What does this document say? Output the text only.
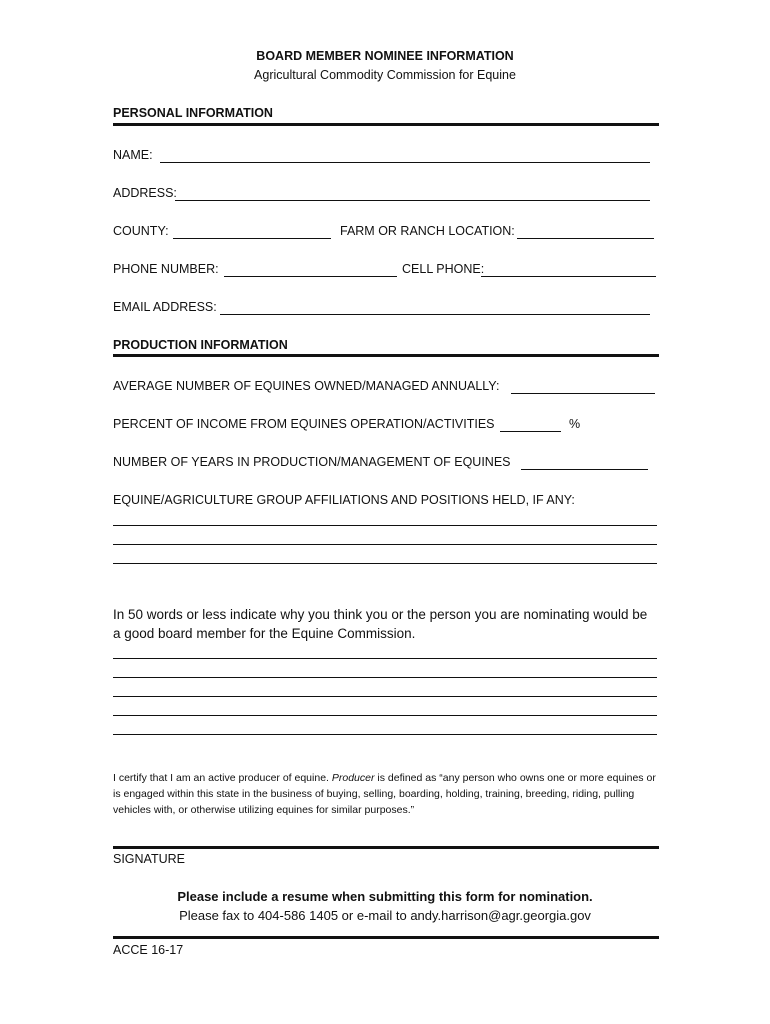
BOARD MEMBER NOMINEE INFORMATION
Agricultural Commodity Commission for Equine
PERSONAL INFORMATION
NAME:
ADDRESS:
COUNTY:	FARM OR RANCH LOCATION:
PHONE NUMBER:	CELL PHONE:
EMAIL ADDRESS:
PRODUCTION INFORMATION
AVERAGE NUMBER OF EQUINES OWNED/MANAGED ANNUALLY:
PERCENT OF INCOME FROM EQUINES OPERATION/ACTIVITIES	%
NUMBER OF YEARS IN PRODUCTION/MANAGEMENT OF EQUINES
EQUINE/AGRICULTURE GROUP AFFILIATIONS AND POSITIONS HELD, IF ANY:
In 50 words or less indicate why you think you or the person you are nominating would be a good board member for the Equine Commission.
I certify that I am an active producer of equine. Producer is defined as “any person who owns one or more equines or is engaged within this state in the business of buying, selling, boarding, holding, training, breeding, riding, pulling vehicles with, or otherwise utilizing equines for similar purposes.”
SIGNATURE
Please include a resume when submitting this form for nomination.
Please fax to 404-586 1405 or e-mail to andy.harrison@agr.georgia.gov
ACCE 16-17
